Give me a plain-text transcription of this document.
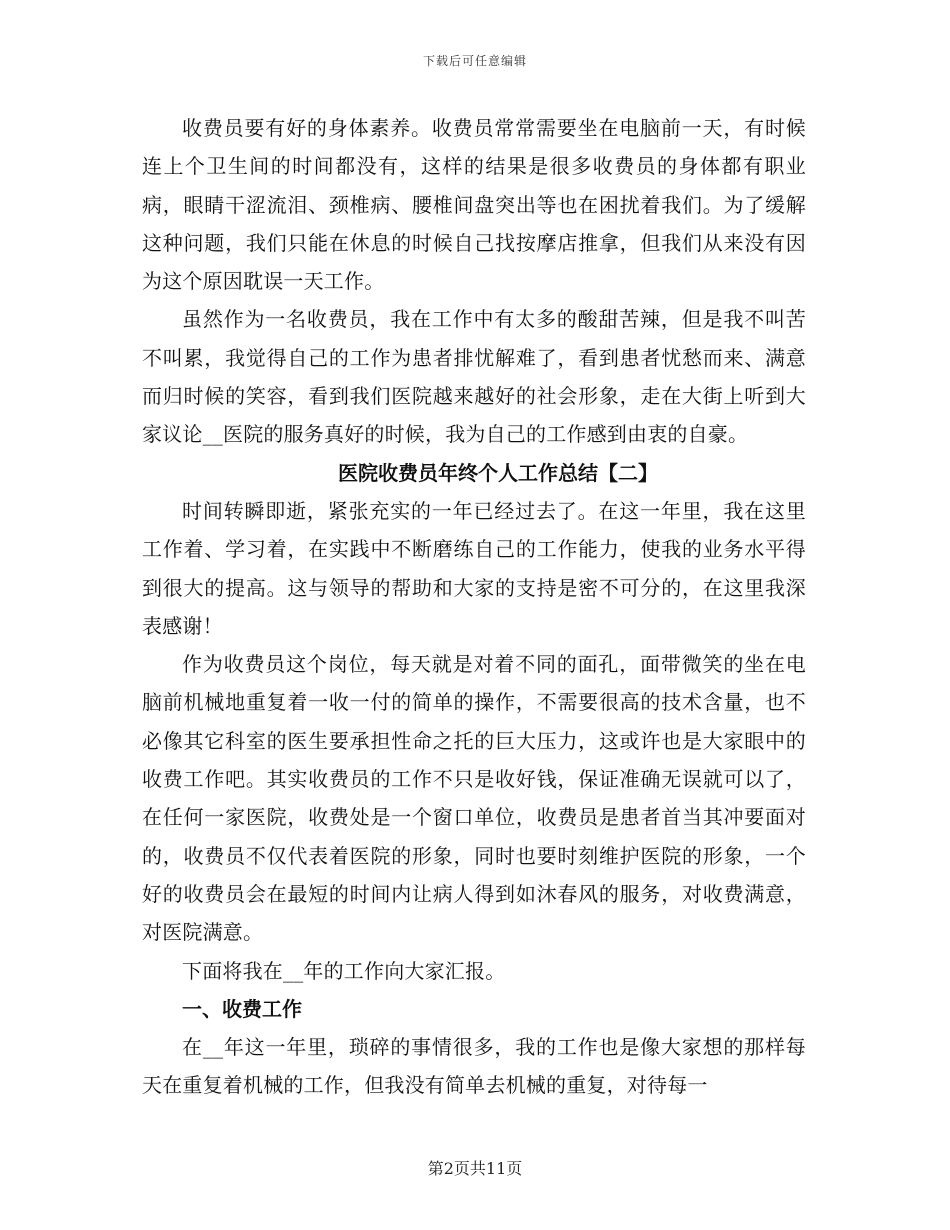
下载后可任意编辑

收费员要有好的身体素养。收费员常常需要坐在电脑前一天，有时候连上个卫生间的时间都没有，这样的结果是很多收费员的身体都有职业病，眼睛干涩流泪、颈椎病、腰椎间盘突出等也在困扰着我们。为了缓解这种问题，我们只能在休息的时候自己找按摩店推拿，但我们从来没有因为这个原因耽误一天工作。

虽然作为一名收费员，我在工作中有太多的酸甜苦辣，但是我不叫苦不叫累，我觉得自己的工作为患者排忧解难了，看到患者忧愁而来、满意而归时候的笑容，看到我们医院越来越好的社会形象，走在大街上听到大家议论__医院的服务真好的时候，我为自己的工作感到由衷的自豪。

医院收费员年终个人工作总结【二】

时间转瞬即逝，紧张充实的一年已经过去了。在这一年里，我在这里工作着、学习着，在实践中不断磨练自己的工作能力，使我的业务水平得到很大的提高。这与领导的帮助和大家的支持是密不可分的，在这里我深表感谢！

作为收费员这个岗位，每天就是对着不同的面孔，面带微笑的坐在电脑前机械地重复着一收一付的简单的操作，不需要很高的技术含量，也不必像其它科室的医生要承担性命之托的巨大压力，这或许也是大家眼中的收费工作吧。其实收费员的工作不只是收好钱，保证准确无误就可以了，在任何一家医院，收费处是一个窗口单位，收费员是患者首当其冲要面对的，收费员不仅代表着医院的形象，同时也要时刻维护医院的形象，一个好的收费员会在最短的时间内让病人得到如沐春风的服务，对收费满意，对医院满意。

下面将我在__年的工作向大家汇报。

一、收费工作

在__年这一年里，琐碎的事情很多，我的工作也是像大家想的那样每天在重复着机械的工作，但我没有简单去机械的重复，对待每一

第2页共11页
